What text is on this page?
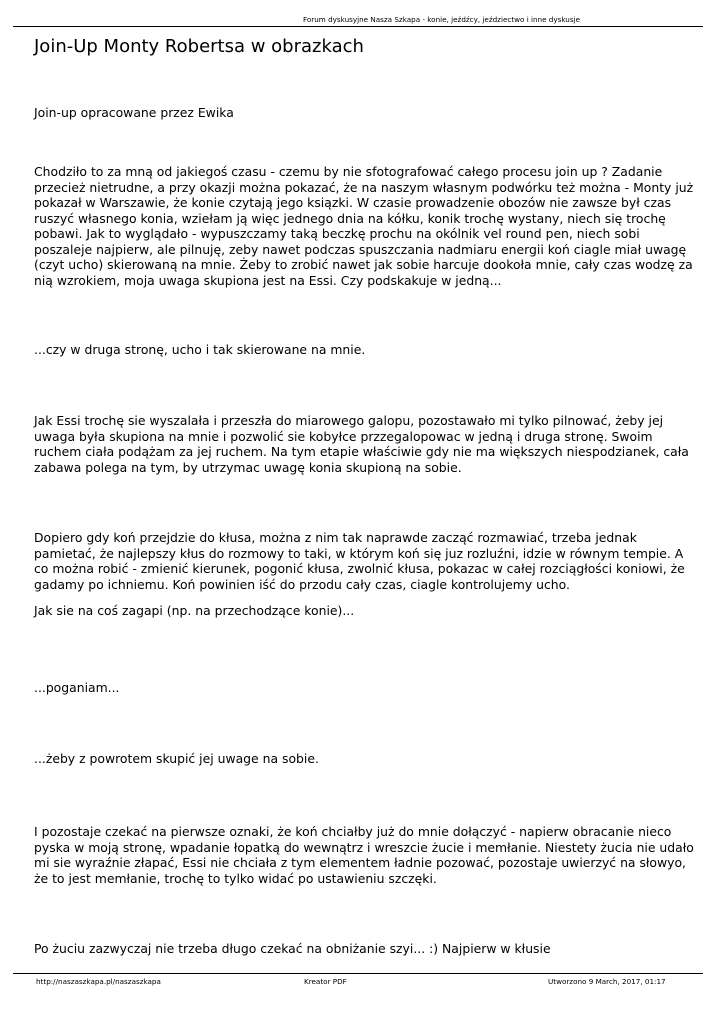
Forum dyskusyjne Nasza Szkapa - konie, jeźdźcy, jeździectwo i inne dyskusje
Join-Up Monty Robertsa w obrazkach

Join-up opracowane przez Ewika

Chodziło to za mną od jakiegoś czasu - czemu by nie sfotografować całego procesu join up ? Zadanie przecież nietrudne, a przy okazji można pokazać, że na naszym własnym podwórku też można - Monty już pokazał w Warszawie, że konie czytają jego ksiązki. W czasie prowadzenie obozów nie zawsze był czas ruszyć własnego konia, wziełam ją więc jednego dnia na kółku, konik trochę wystany, niech się trochę pobawi. Jak to wyglądało - wypuszczamy taką beczkę prochu na okólnik vel round pen, niech sobi poszaleje najpierw, ale pilnuję, zeby nawet podczas spuszczania nadmiaru energii koń ciagle miał uwagę (czyt ucho) skierowaną na mnie. Żeby to zrobić nawet jak sobie harcuje dookoła mnie, cały czas wodzę za nią wzrokiem, moja uwaga skupiona jest na Essi. Czy podskakuje w jedną...

...czy w druga stronę, ucho i tak skierowane na mnie.

Jak Essi trochę sie wyszalała i przeszła do miarowego galopu, pozostawało mi tylko pilnować, żeby jej uwaga była skupiona na mnie i pozwolić sie kobyłce przzegalopowac w jedną i druga stronę. Swoim ruchem ciała podążam za jej ruchem. Na tym etapie właściwie gdy nie ma większych niespodzianek, cała zabawa polega na tym, by utrzymac uwagę konia skupioną na sobie.

Dopiero gdy koń przejdzie do kłusa, można z nim tak naprawde zacząć rozmawiać, trzeba jednak pamietać, że najlepszy kłus do rozmowy to taki, w którym koń się juz rozluźni, idzie w równym tempie. A co można robić - zmienić kierunek, pogonić kłusa, zwolnić kłusa, pokazac w całej rozciągłości koniowi, że gadamy po ichniemu. Koń powinien iść do przodu cały czas, ciagle kontrolujemy ucho.

Jak sie na coś zagapi (np. na przechodzące konie)...

...poganiam...

...żeby z powrotem skupić jej uwage na sobie.

I pozostaje czekać na pierwsze oznaki, że koń chciałby już do mnie dołączyć - napierw obracanie nieco pyska w moją stronę, wpadanie łopatką do wewnątrz i wreszcie żucie i memłanie. Niestety żucia nie udało mi sie wyraźnie złapać, Essi nie chciała z tym elementem ładnie pozować, pozostaje uwierzyć na słowyo, że to jest memłanie, trochę to tylko widać po ustawieniu szczęki.

Po żuciu zazwyczaj nie trzeba długo czekać na obniżanie szyi... :) Najpierw w kłusie

http://naszaszkapa.pl/naszaszkapa	Kreator PDF	Utworzono 9 March, 2017, 01:17
